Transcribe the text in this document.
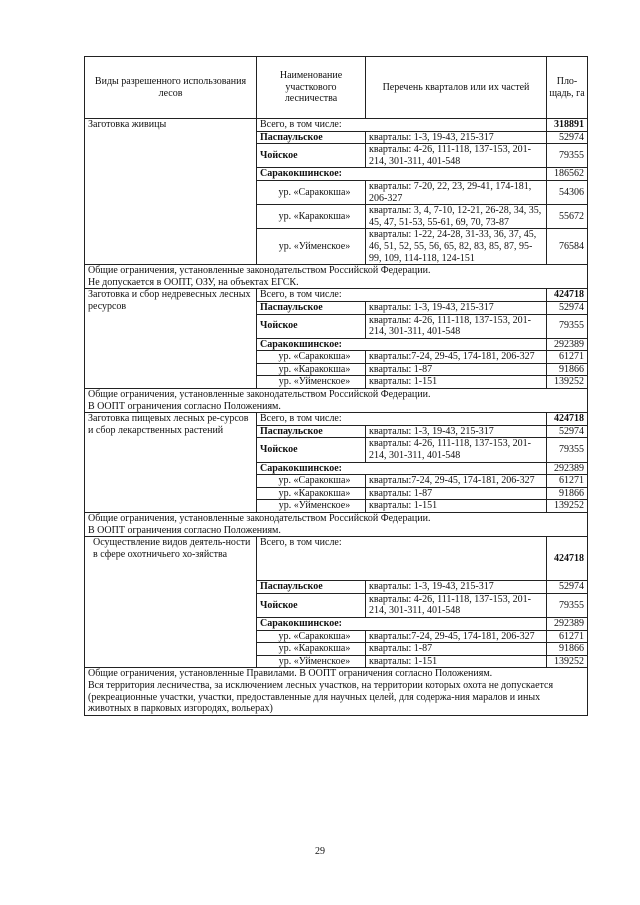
Виды разрешенного использования лесов	Наименование участкового лесничества	Перечень кварталов или их частей	Пло-щадь, га
Заготовка живицы	Всего, в том числе:		318891
	Паспаульское	кварталы: 1-3, 19-43, 215-317	52974
	Чойское	кварталы: 4-26, 111-118, 137-153, 201-214, 301-311, 401-548	79355
	Саракокшинское:		186562
	ур. «Саракокша»	кварталы: 7-20, 22, 23, 29-41, 174-181, 206-327	54306
	ур. «Каракокша»	кварталы: 3, 4, 7-10, 12-21, 26-28, 34, 35, 45, 47, 51-53, 55-61, 69, 70, 73-87	55672
	ур. «Уйменское»	кварталы: 1-22, 24-28, 31-33, 36, 37, 45, 46, 51, 52, 55, 56, 65, 82, 83, 85, 87, 95-99, 109, 114-118, 124-151	76584

Общие ограничения, установленные законодательством Российской Федерации.
Не допускается в ООПТ, ОЗУ, на объектах ЕГСК.			

Заготовка и сбор недревесных лесных ресурсов	Всего, в том числе:		424718
	Паспаульское	кварталы: 1-3, 19-43, 215-317	52974
	Чойское	кварталы: 4-26, 111-118, 137-153, 201-214, 301-311, 401-548	79355
	Саракокшинское:		292389
	ур. «Саракокша»	кварталы:7-24, 29-45, 174-181, 206-327	61271
	ур. «Каракокша»	кварталы: 1-87	91866
	ур. «Уйменское»	кварталы: 1-151	139252

Общие ограничения, установленные законодательством Российской Федерации.
В ООПТ ограничения согласно Положениям.			

Заготовка пищевых лесных ре-сурсов и сбор лекарственных растений	Всего, в том числе:		424718
	Паспаульское	кварталы: 1-3, 19-43, 215-317	52974
	Чойское	кварталы: 4-26, 111-118, 137-153, 201-214, 301-311, 401-548	79355
	Саракокшинское:		292389
	ур. «Саракокша»	кварталы:7-24, 29-45, 174-181, 206-327	61271
	ур. «Каракокша»	кварталы: 1-87	91866
	ур. «Уйменское»	кварталы: 1-151	139252

Общие ограничения, установленные законодательством Российской Федерации.
В ООПТ ограничения согласно Положениям.			

Осуществление видов деятель-ности в сфере охотничьего хо-зяйства	Всего, в том числе:		424718
	Паспаульское	кварталы: 1-3, 19-43, 215-317	52974
	Чойское	кварталы: 4-26, 111-118, 137-153, 201-214, 301-311, 401-548	79355
	Саракокшинское:		292389
	ур. «Саракокша»	кварталы:7-24, 29-45, 174-181, 206-327	61271
	ур. «Каракокша»	кварталы: 1-87	91866
	ур. «Уйменское»	кварталы: 1-151	139252

Общие ограничения, установленные Правилами. В ООПТ ограничения согласно Положениям.
Вся территория лесничества, за исключением лесных участков, на территории которых охота не допускается (рекреационные участки, участки, предоставленные для научных целей, для содержа-ния маралов и иных животных в парковых изгородях, вольерах)			
29
